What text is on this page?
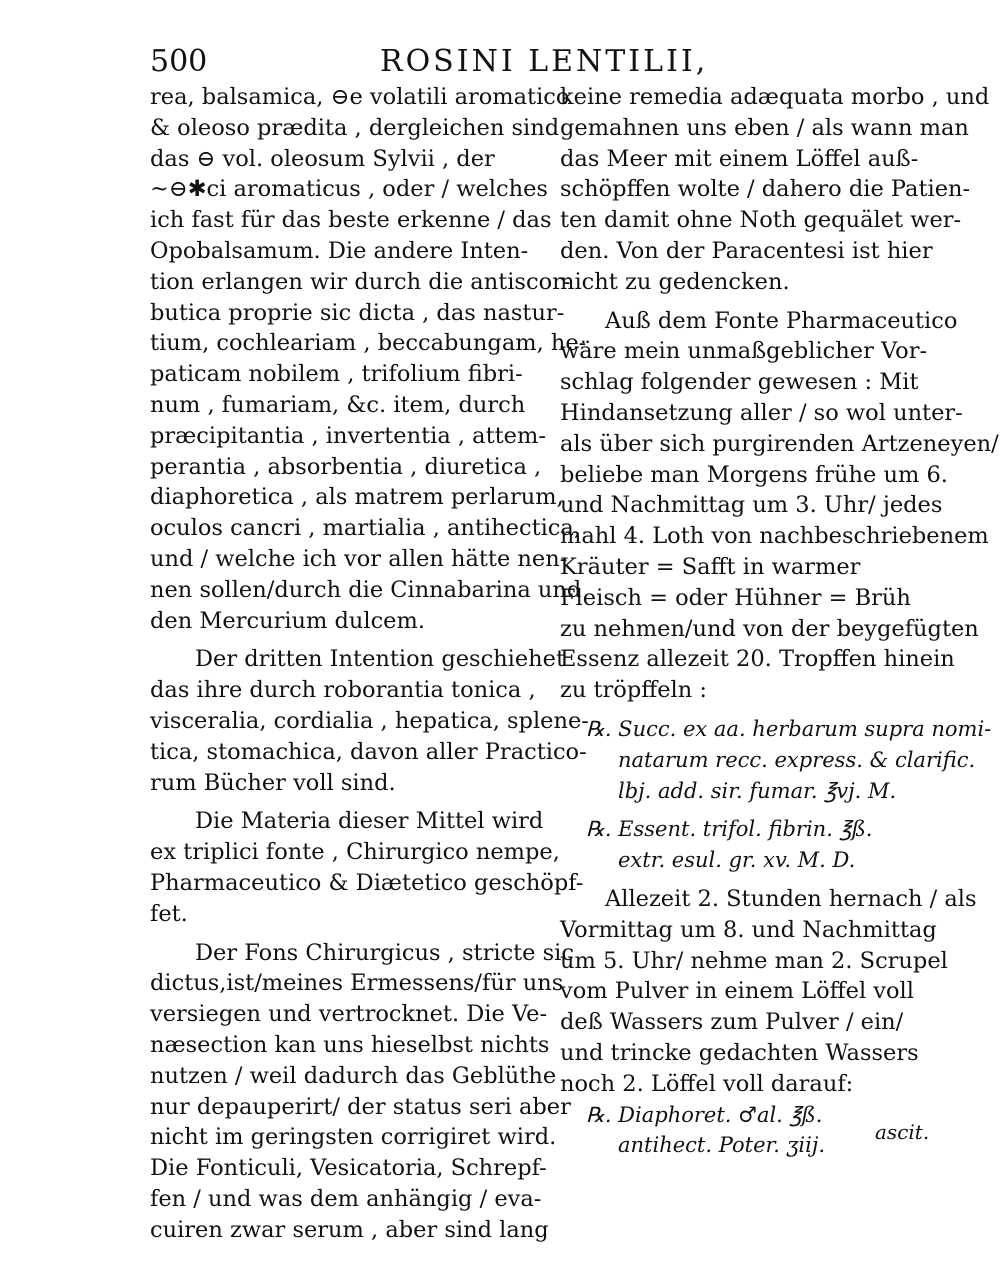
500	ROSINI LENTILII,
rea, balsamica, ⊖e volatili aromatico
& oleoso prædita , dergleichen sind
das ⊖ vol. oleosum Sylvii , der
~⊖✱ci aromaticus , oder / welches
ich fast für das beste erkenne / das
Opobalsamum. Die andere Inten-
tion erlangen wir durch die antiscor-
butica proprie sic dicta , das nastur-
tium, cochleariam , beccabungam, he-
paticam nobilem , trifolium fibri-
num , fumariam, &c. item, durch
præcipitantia , invertentia , attem-
perantia , absorbentia , diuretica ,
diaphoretica , als matrem perlarum,
oculos cancri , martialia , antihectica,
und / welche ich vor allen hätte nen-
nen sollen/durch die Cinnabarina und
den Mercurium dulcem.
Der dritten Intention geschiehet
das ihre durch roborantia tonica ,
visceralia, cordialia , hepatica, splene-
tica, stomachica, davon aller Practico-
rum Bücher voll sind.
Die Materia dieser Mittel wird
ex triplici fonte , Chirurgico nempe,
Pharmaceutico & Diætetico geschöpf-
fet.
Der Fons Chirurgicus , stricte sic
dictus,ist/meines Ermessens/für uns
versiegen und vertrocknet. Die Ve-
næsection kan uns hieselbst nichts
nutzen / weil dadurch das Geblüthe
nur depauperirt/ der status seri aber
nicht im geringsten corrigiret wird.
Die Fonticuli, Vesicatoria, Schrepf-
fen / und was dem anhängig / eva-
cuiren zwar serum , aber sind lang
keine remedia adæquata morbo , und
gemahnen uns eben / als wann man
das Meer mit einem Löffel auß-
schöpffen wolte / dahero die Patien-
ten damit ohne Noth gequälet wer-
den. Von der Paracentesi ist hier
nicht zu gedencken.
Auß dem Fonte Pharmaceutico
wäre mein unmaßgeblicher Vor-
schlag folgender gewesen : Mit
Hindansetzung aller / so wol unter-
als über sich purgirenden Artzeneyen/
beliebe man Morgens frühe um 6.
und Nachmittag um 3. Uhr/ jedes
mahl 4. Loth von nachbeschriebenem
Kräuter = Safft in warmer
Fleisch = oder Hühner = Brüh
zu nehmen/und von der beygefügten
Essenz allezeit 20. Tropffen hinein
zu tröpffeln :
℞. Succ. ex aa. herbarum supra nomi-
natarum recc. express. & clarific.
lbj. add. sir. fumar. ℥vj. M.
℞. Essent. trifol. fibrin. ℥ß.
extr. esul. gr. xv. M. D.
Allezeit 2. Stunden hernach / als
Vormittag um 8. und Nachmittag
um 5. Uhr/ nehme man 2. Scrupel
vom Pulver in einem Löffel voll
deß Wassers zum Pulver / ein/
und trincke gedachten Wassers
noch 2. Löffel voll darauf:
℞. Diaphoret. ♂al. ℥ß.
antihect. Poter. ʒiij.
ascit.
